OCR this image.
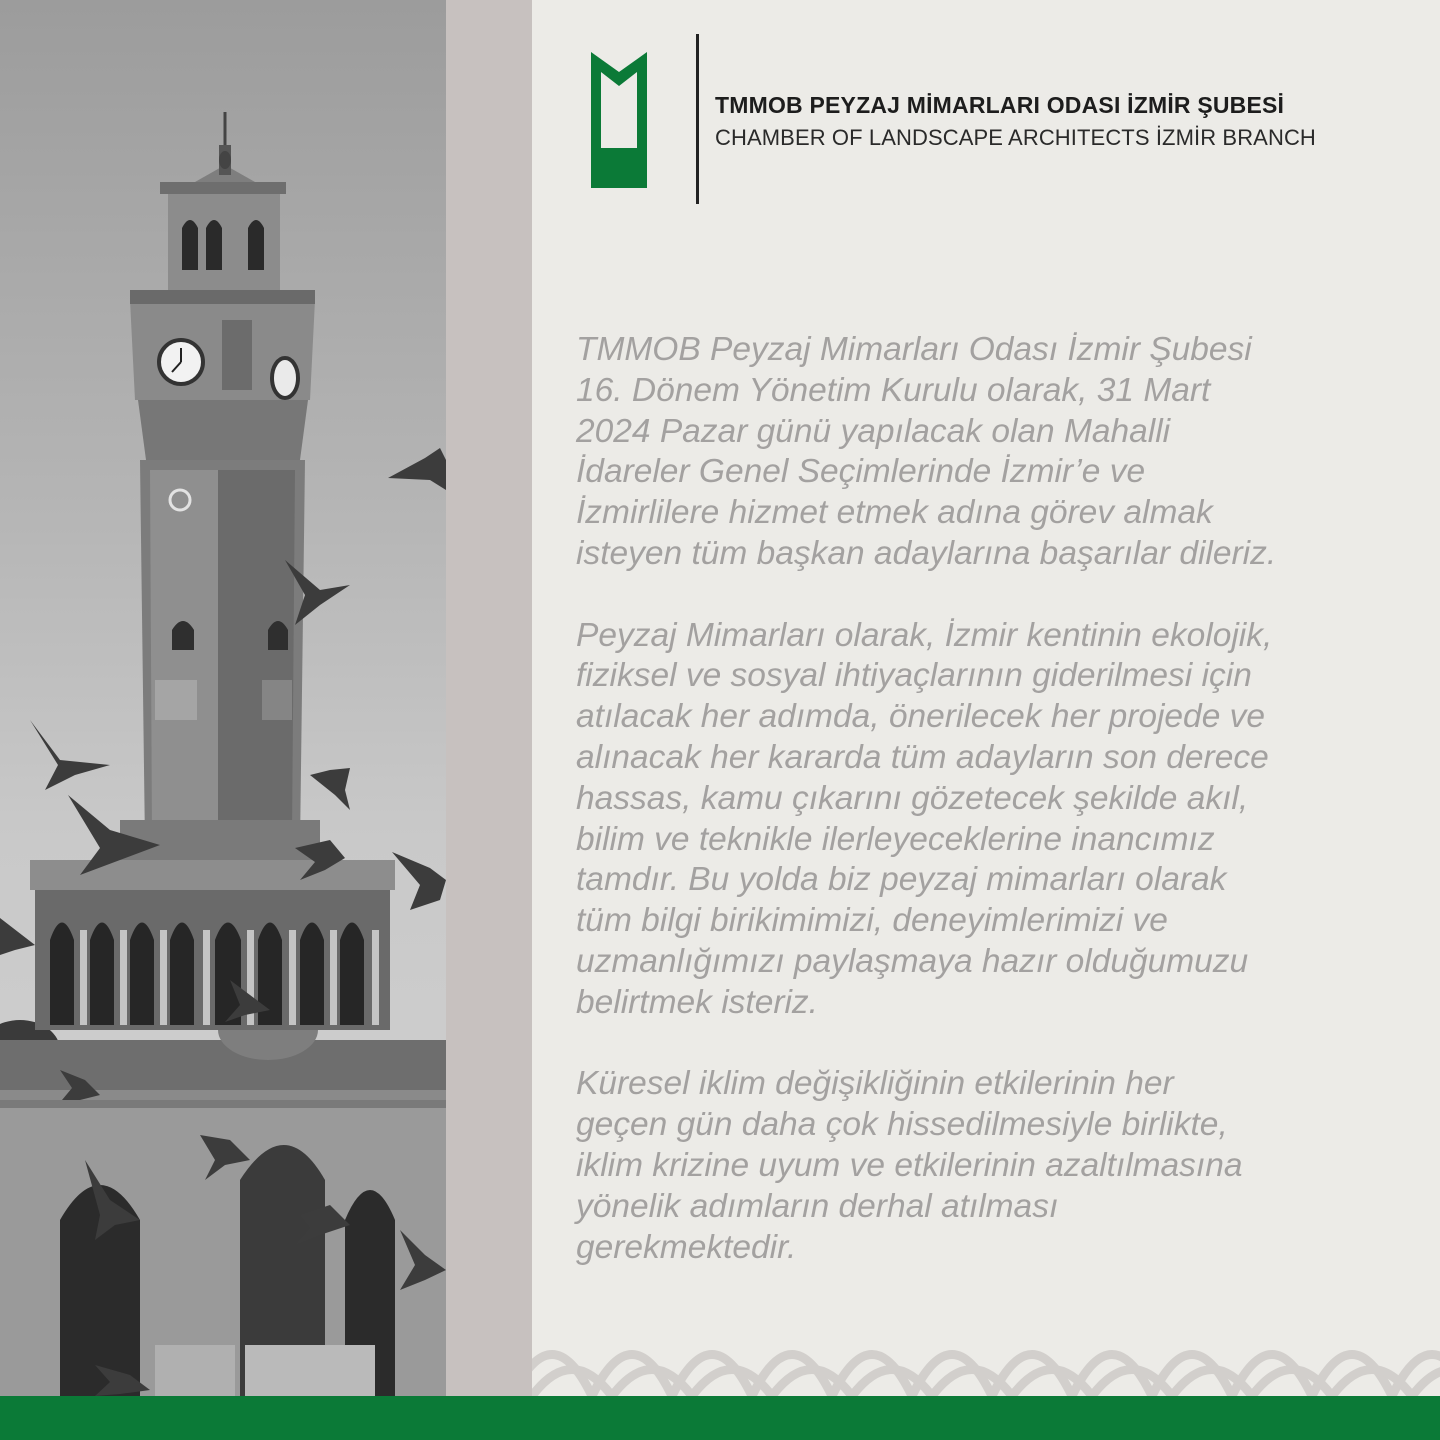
TMMOB PEYZAJ MİMARLARI ODASI İZMİR ŞUBESİ
CHAMBER OF LANDSCAPE ARCHITECTS İZMİR BRANCH

TMMOB Peyzaj Mimarları Odası İzmir Şubesi
16. Dönem Yönetim Kurulu olarak, 31 Mart
2024 Pazar günü yapılacak olan Mahalli
İdareler Genel Seçimlerinde İzmir’e ve
İzmirlilere hizmet etmek adına görev almak
isteyen tüm başkan adaylarına başarılar dileriz.

Peyzaj Mimarları olarak, İzmir kentinin ekolojik,
fiziksel ve sosyal ihtiyaçlarının giderilmesi için
atılacak her adımda, önerilecek her projede ve
alınacak her kararda tüm adayların son derece
hassas, kamu çıkarını gözetecek şekilde akıl,
bilim ve teknikle ilerleyeceklerine inancımız
tamdır. Bu yolda biz peyzaj mimarları olarak
tüm bilgi birikimimizi, deneyimlerimizi ve
uzmanlığımızı paylaşmaya hazır olduğumuzu
belirtmek isteriz.

Küresel iklim değişikliğinin etkilerinin her
geçen gün daha çok hissedilmesiyle birlikte,
iklim krizine uyum ve etkilerinin azaltılmasına
yönelik adımların derhal atılması
gerekmektedir.
